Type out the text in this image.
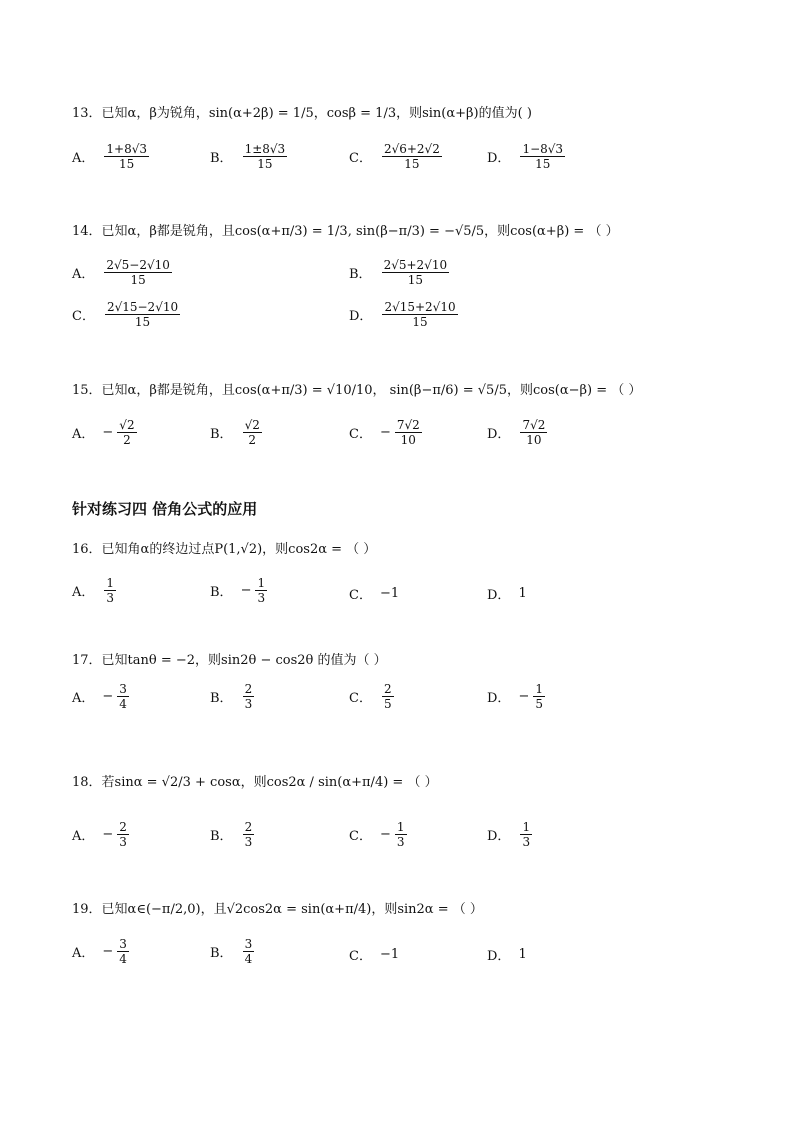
13．已知α，β为锐角，sin(α+2β) = 1/5，cosβ = 1/3，则sin(α+β)的值为( )
A． $\frac{1+8√3}{15}$	B． $\frac{1\pm 8√3}{15}$	C． $\frac{2√6+2√2}{15}$	D． $\frac{1-8√3}{15}$
14．已知α，β都是锐角，且cos(α+π/3) = 1/3, sin(β−π/3) = −√5/5，则cos(α+β) = （ ）
A． $\frac{2√5-2√10}{15}$	B． $\frac{2√5+2√10}{15}$
C． $\frac{2√15-2√10}{15}$	D． $\frac{2√15+2√10}{15}$
15．已知α，β都是锐角，且cos(α+π/3) = √10/10， sin(β−π/6) = √5/5，则cos(α−β) = （ ）
A． − $\frac{√2}{2}$	B． $\frac{√2}{2}$	C． − $\frac{7√2}{10}$	D． $\frac{7√2}{10}$
针对练习四 倍角公式的应用
16．已知角α的终边过点P(1,√2)，则cos2α = （ ）
A． $\frac{1}{3}$	B． − $\frac{1}{3}$	C． −1	D． 1
17．已知tanθ = −2，则sin2θ − cos2θ 的值为（ ）
A． − $\frac{3}{4}$	B． $\frac{2}{3}$	C． $\frac{2}{5}$	D． − $\frac{1}{5}$
18．若sinα = √2/3 + cosα，则cos2α / sin(α+π/4) = （ ）
A． − $\frac{2}{3}$	B． $\frac{2}{3}$	C． − $\frac{1}{3}$	D． $\frac{1}{3}$
19．已知α∈(−π/2,0)，且√2cos2α = sin(α+π/4)，则sin2α = （ ）
A． − $\frac{3}{4}$	B． $\frac{3}{4}$	C． −1	D． 1
